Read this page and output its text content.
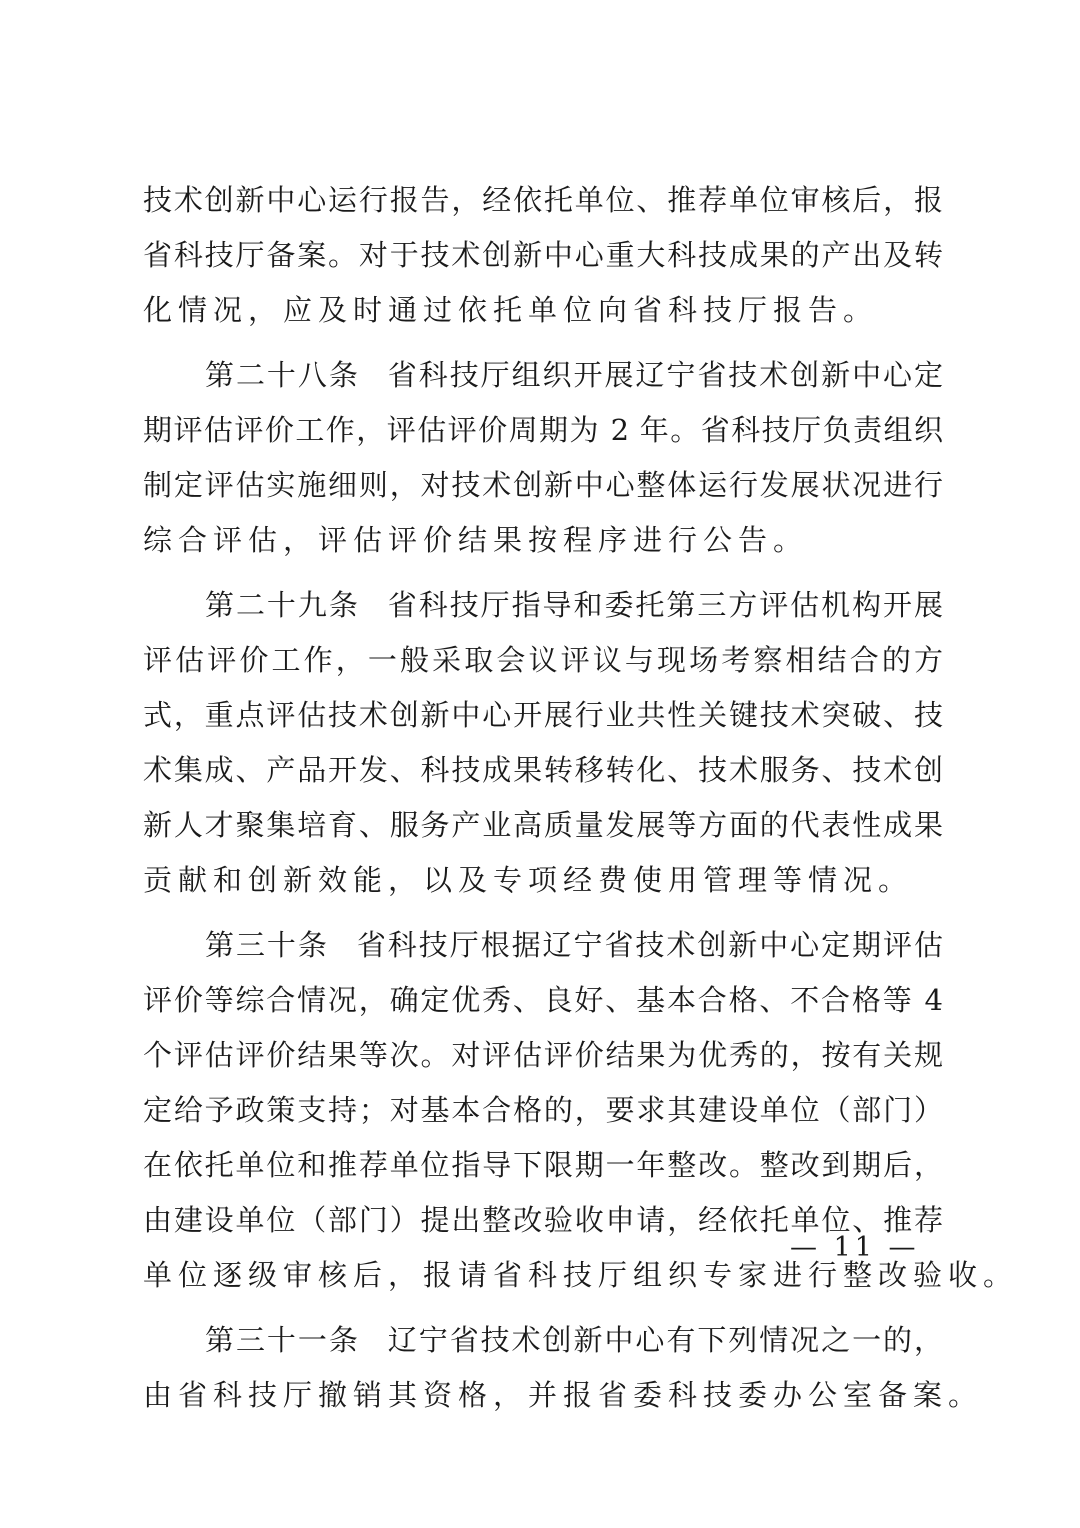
技术创新中心运行报告，经依托单位、推荐单位审核后，报
省科技厅备案。对于技术创新中心重大科技成果的产出及转
化情况，应及时通过依托单位向省科技厅报告。
第二十八条 省科技厅组织开展辽宁省技术创新中心定
期评估评价工作，评估评价周期为 2 年。省科技厅负责组织
制定评估实施细则，对技术创新中心整体运行发展状况进行
综合评估，评估评价结果按程序进行公告。
第二十九条 省科技厅指导和委托第三方评估机构开展
评估评价工作，一般采取会议评议与现场考察相结合的方
式，重点评估技术创新中心开展行业共性关键技术突破、技
术集成、产品开发、科技成果转移转化、技术服务、技术创
新人才聚集培育、服务产业高质量发展等方面的代表性成果
贡献和创新效能，以及专项经费使用管理等情况。
第三十条 省科技厅根据辽宁省技术创新中心定期评估
评价等综合情况，确定优秀、良好、基本合格、不合格等 4
个评估评价结果等次。对评估评价结果为优秀的，按有关规
定给予政策支持；对基本合格的，要求其建设单位（部门）
在依托单位和推荐单位指导下限期一年整改。整改到期后，
由建设单位（部门）提出整改验收申请，经依托单位、推荐
单位逐级审核后，报请省科技厅组织专家进行整改验收。
第三十一条 辽宁省技术创新中心有下列情况之一的，
由省科技厅撤销其资格，并报省委科技委办公室备案。
— 11 —
